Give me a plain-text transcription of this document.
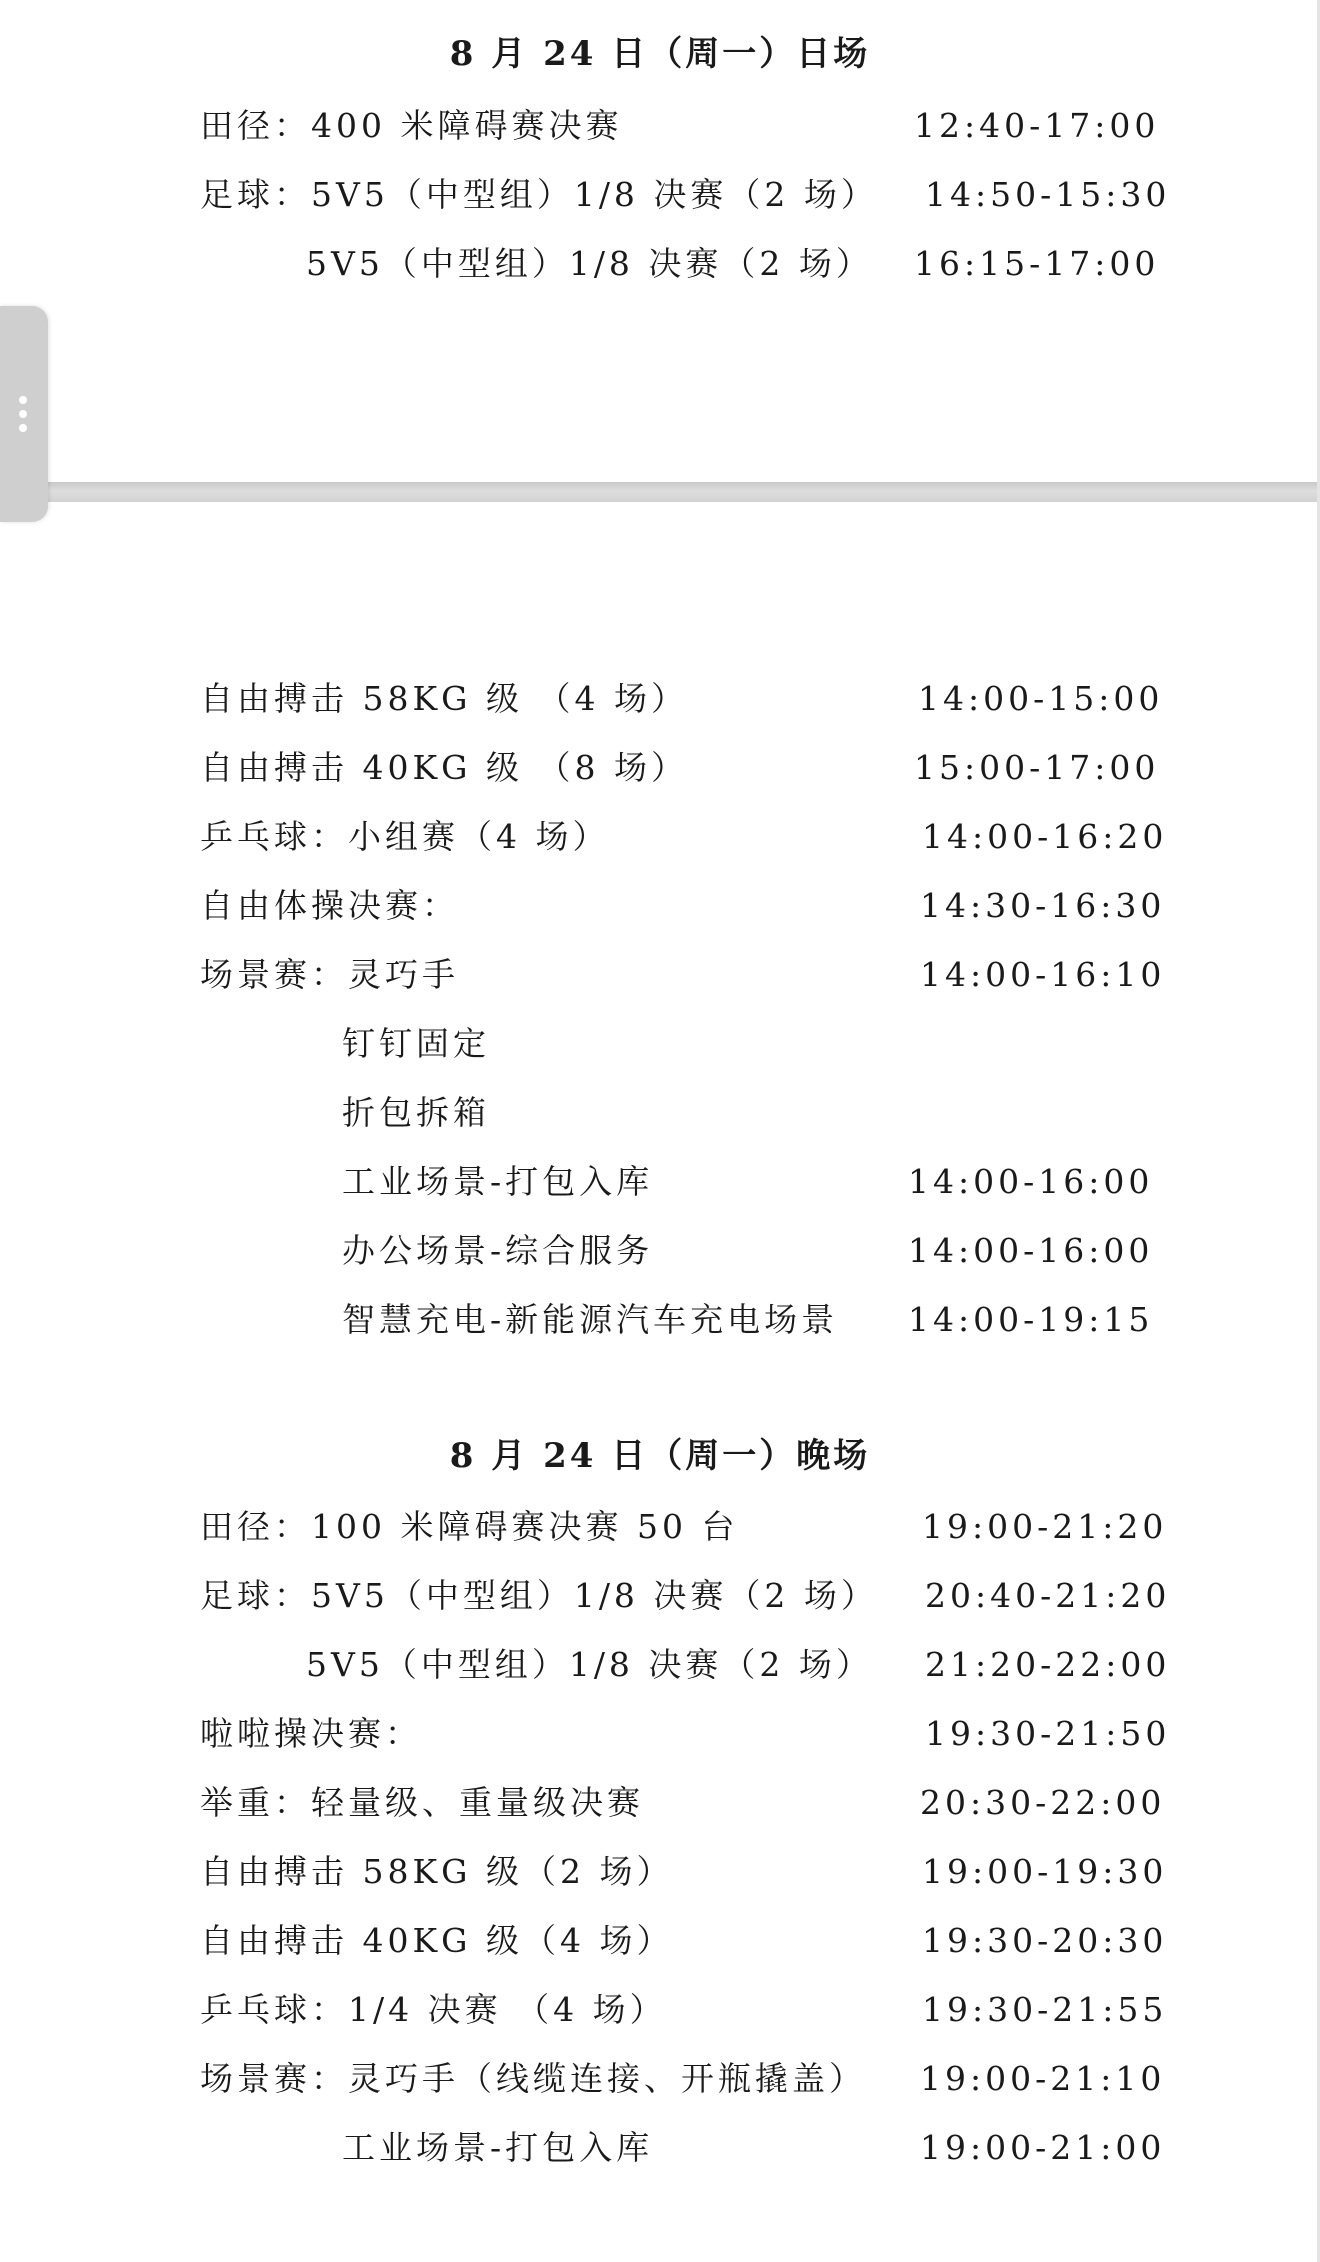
8 月 24 日（周一）日场
田径：400 米障碍赛决赛	12:40-17:00
足球：5V5（中型组）1/8 决赛（2 场） 14:50-15:30
5V5（中型组）1/8 决赛（2 场） 16:15-17:00
自由搏击 58KG 级 （4 场）	14:00-15:00
自由搏击 40KG 级 （8 场）	15:00-17:00
乒乓球：小组赛（4 场）	14:00-16:20
自由体操决赛：	14:30-16:30
场景赛：灵巧手	14:00-16:10
钉钉固定
折包拆箱
工业场景-打包入库	14:00-16:00
办公场景-综合服务	14:00-16:00
智慧充电-新能源汽车充电场景 14:00-19:15
8 月 24 日（周一）晚场
田径：100 米障碍赛决赛 50 台	19:00-21:20
足球：5V5（中型组）1/8 决赛（2 场） 20:40-21:20
5V5（中型组）1/8 决赛（2 场） 21:20-22:00
啦啦操决赛：	19:30-21:50
举重：轻量级、重量级决赛	20:30-22:00
自由搏击 58KG 级（2 场）	19:00-19:30
自由搏击 40KG 级（4 场）	19:30-20:30
乒乓球：1/4 决赛 （4 场）	19:30-21:55
场景赛：灵巧手（线缆连接、开瓶撬盖） 19:00-21:10
工业场景-打包入库	19:00-21:00
